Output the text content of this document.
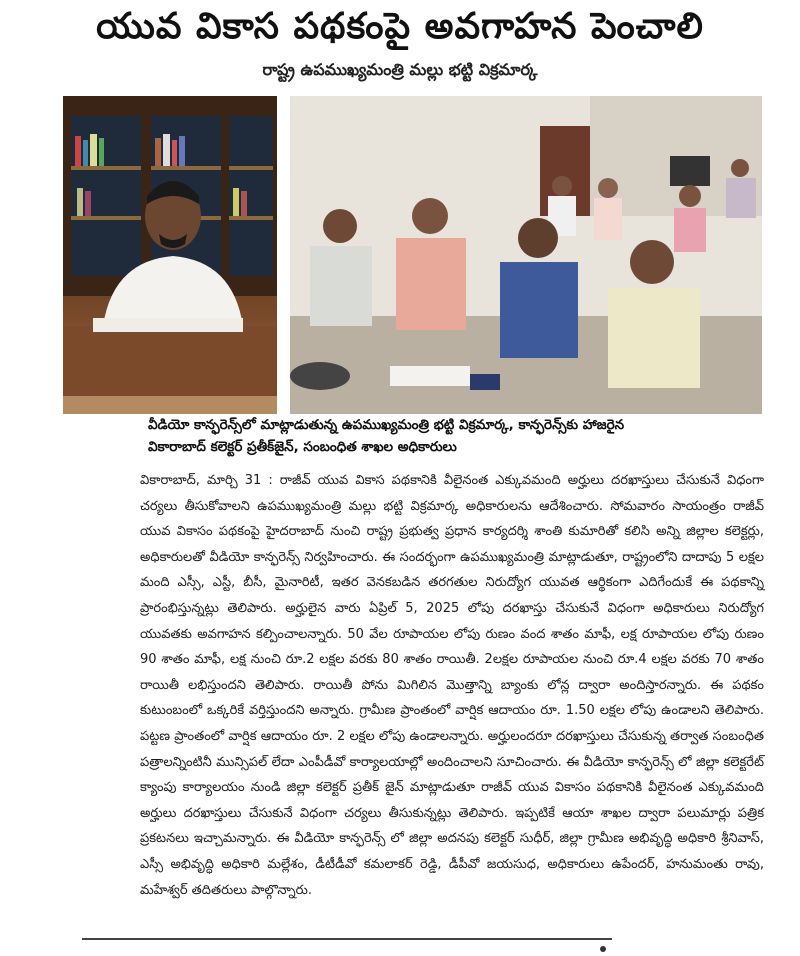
యువ వికాస పథకంపై అవగాహన పెంచాలి
రాష్ట్ర ఉపముఖ్యమంత్రి మల్లు భట్టి విక్రమార్క
వీడియో కాన్ఫరెన్స్‌లో మాట్లాడుతున్న ఉపముఖ్యమంత్రి భట్టి విక్రమార్క, కాన్ఫరెన్స్‌కు హాజరైన
వికారాబాద్ కలెక్టర్ ప్రతీక్‌జైన్, సంబంధిత శాఖల అధికారులు
వికారాబాద్, మార్చి 31 : రాజీవ్ యువ వికాస పథకానికి వీలైనంత ఎక్కువమంది అర్హులు దరఖాస్తులు చేసుకునే విధంగా చర్యలు తీసుకోవాలని ఉపముఖ్యమంత్రి మల్లు భట్టి విక్రమార్క అధికారులను ఆదేశించారు. సోమవారం సాయంత్రం రాజీవ్ యువ వికాసం పథకంపై హైదరాబాద్ నుంచి రాష్ట్ర ప్రభుత్వ ప్రధాన కార్యదర్శి శాంతి కుమారితో కలిసి అన్ని జిల్లాల కలెక్టర్లు, అధికారులతో వీడియో కాన్ఫరెన్స్ నిర్వహించారు. ఈ సందర్భంగా ఉపముఖ్యమంత్రి మాట్లాడుతూ, రాష్ట్రంలోని దాదాపు 5 లక్షల మంది ఎస్సీ, ఎస్టీ, బీసీ, మైనారిటీ, ఇతర వెనకబడిన తరగతుల నిరుద్యోగ యువత ఆర్థికంగా ఎదిగేందుకే ఈ పథకాన్ని ప్రారంభిస్తున్నట్లు తెలిపారు. అర్హులైన వారు ఏప్రిల్ 5, 2025 లోపు దరఖాస్తు చేసుకునే విధంగా అధికారులు నిరుద్యోగ యువతకు అవగాహన కల్పించాలన్నారు. 50 వేల రూపాయల లోపు రుణం వంద శాతం మాఫీ, లక్ష రూపాయల లోపు రుణం 90 శాతం మాఫీ, లక్ష నుంచి రూ.2 లక్షల వరకు 80 శాతం రాయితీ. 2లక్షల రూపాయల నుంచి రూ.4 లక్షల వరకు 70 శాతం రాయితీ లభిస్తుందని తెలిపారు. రాయితీ పోను మిగిలిన మొత్తాన్ని బ్యాంకు లోన్ల ద్వారా అందిస్తారన్నారు. ఈ పథకం కుటుంబంలో ఒక్కరికే వర్తిస్తుందని అన్నారు. గ్రామీణ ప్రాంతంలో వార్షిక ఆదాయం రూ. 1.50 లక్షల లోపు ఉండాలని తెలిపారు. పట్టణ ప్రాంతంలో వార్షిక ఆదాయం రూ. 2 లక్షల లోపు ఉండాలన్నారు. అర్హులందరూ దరఖాస్తులు చేసుకున్న తర్వాత సంబంధిత పత్రాలన్నింటినీ మున్సిపల్ లేదా ఎంపీడీవో కార్యాలయాల్లో అందించాలని సూచించారు. ఈ వీడియో కాన్ఫరెన్స్ లో జిల్లా కలెక్టరేట్ క్యాంపు కార్యాలయం నుండి జిల్లా కలెక్టర్ ప్రతీక్ జైన్ మాట్లాడుతూ రాజీవ్ యువ వికాసం పథకానికి వీలైనంత ఎక్కువమంది అర్హులు దరఖాస్తులు చేసుకునే విధంగా చర్యలు తీసుకున్నట్లు తెలిపారు. ఇప్పటికే ఆయా శాఖల ద్వారా పలుమార్లు పత్రిక ప్రకటనలు ఇచ్చామన్నారు. ఈ వీడియో కాన్ఫరెన్స్ లో జిల్లా అదనపు కలెక్టర్ సుధీర్, జిల్లా గ్రామీణ అభివృద్ధి అధికారి శ్రీనివాస్, ఎస్సీ అభివృద్ధి అధికారి మల్లేశం, డీటీడీవో కమలాకర్ రెడ్డి, డీపీవో జయసుధ, అధికారులు ఉపేందర్, హనుమంతు రావు, మహేశ్వర్ తదితరులు పాల్గొన్నారు.
